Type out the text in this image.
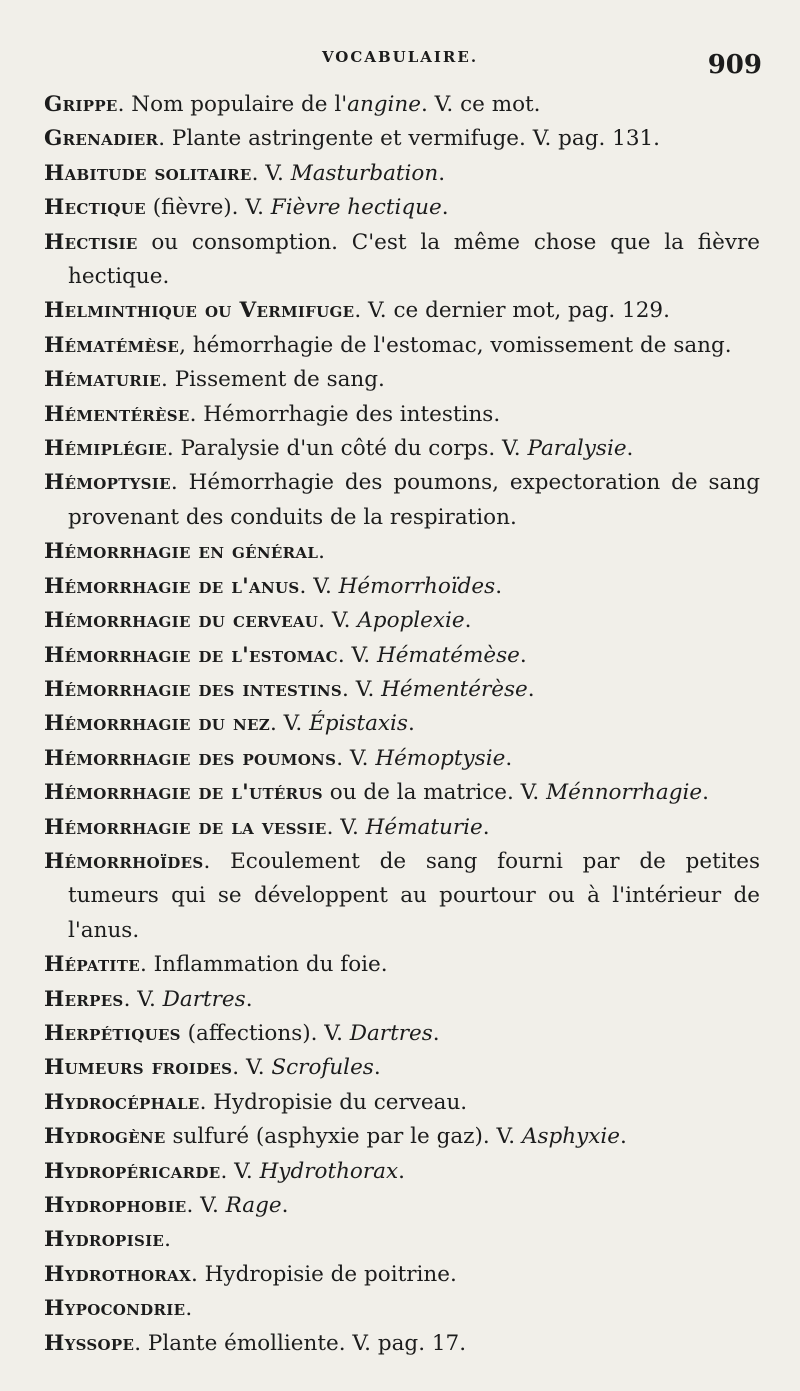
VOCABULAIRE.	909
Grippe. Nom populaire de l'angine. V. ce mot.
Grenadier. Plante astringente et vermifuge. V. pag. 131.
Habitude solitaire. V. Masturbation.
Hectique (fièvre). V. Fièvre hectique.
Hectisie ou consomption. C'est la même chose que la fièvre hectique.
Helminthique ou Vermifuge. V. ce dernier mot, pag. 129.
Hématémèse, hémorrhagie de l'estomac, vomissement de sang.
Hématurie. Pissement de sang.
Hémentérèse. Hémorrhagie des intestins.
Hémiplégie. Paralysie d'un côté du corps. V. Paralysie.
Hémoptysie. Hémorrhagie des poumons, expectoration de sang provenant des conduits de la respiration.
Hémorrhagie en général.
Hémorrhagie de l'anus. V. Hémorrhoïdes.
Hémorrhagie du cerveau. V. Apoplexie.
Hémorrhagie de l'estomac. V. Hématémèse.
Hémorrhagie des intestins. V. Hémentérèse.
Hémorrhagie du nez. V. Épistaxis.
Hémorrhagie des poumons. V. Hémoptysie.
Hémorrhagie de l'utérus ou de la matrice. V. Ménnorrhagie.
Hémorrhagie de la vessie. V. Hématurie.
Hémorrhoïdes. Ecoulement de sang fourni par de petites tumeurs qui se développent au pourtour ou à l'intérieur de l'anus.
Hépatite. Inflammation du foie.
Herpes. V. Dartres.
Herpétiques (affections). V. Dartres.
Humeurs froides. V. Scrofules.
Hydrocéphale. Hydropisie du cerveau.
Hydrogène sulfuré (asphyxie par le gaz). V. Asphyxie.
Hydropéricarde. V. Hydrothorax.
Hydrophobie. V. Rage.
Hydropisie.
Hydrothorax. Hydropisie de poitrine.
Hypocondrie.
Hyssope. Plante émolliente. V. pag. 17.
